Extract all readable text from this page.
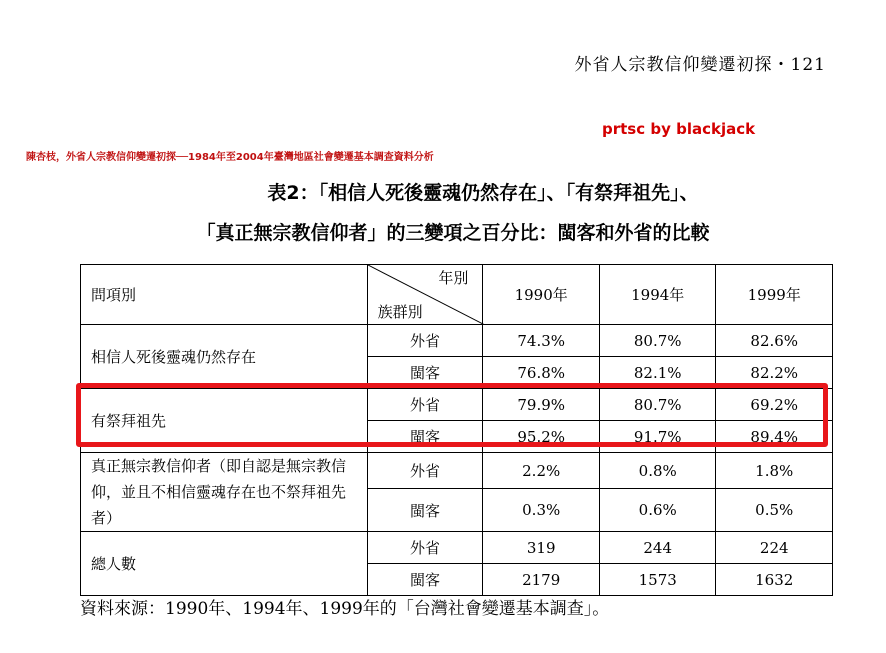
外省人宗教信仰變遷初探・121
prtsc by blackjack
陳杏枝，外省人宗教信仰變遷初探──1984年至2004年臺灣地區社會變遷基本調查資料分析
表2：「相信人死後靈魂仍然存在」、「有祭拜祖先」、
「真正無宗教信仰者」的三變項之百分比：閩客和外省的比較
問項別	年別
族群別	1990年	1994年	1999年
相信人死後靈魂仍然存在	外省	74.3%	80.7%	82.6%
	閩客	76.8%	82.1%	82.2%
有祭拜祖先	外省	79.9%	80.7%	69.2%
	閩客	95.2%	91.7%	89.4%
真正無宗教信仰者（即自認是無宗教信仰，並且不相信靈魂存在也不祭拜祖先者）	外省	2.2%	0.8%	1.8%
	閩客	0.3%	0.6%	0.5%
總人數	外省	319	244	224
	閩客	2179	1573	1632
資料來源：1990年、1994年、1999年的「台灣社會變遷基本調查」。
